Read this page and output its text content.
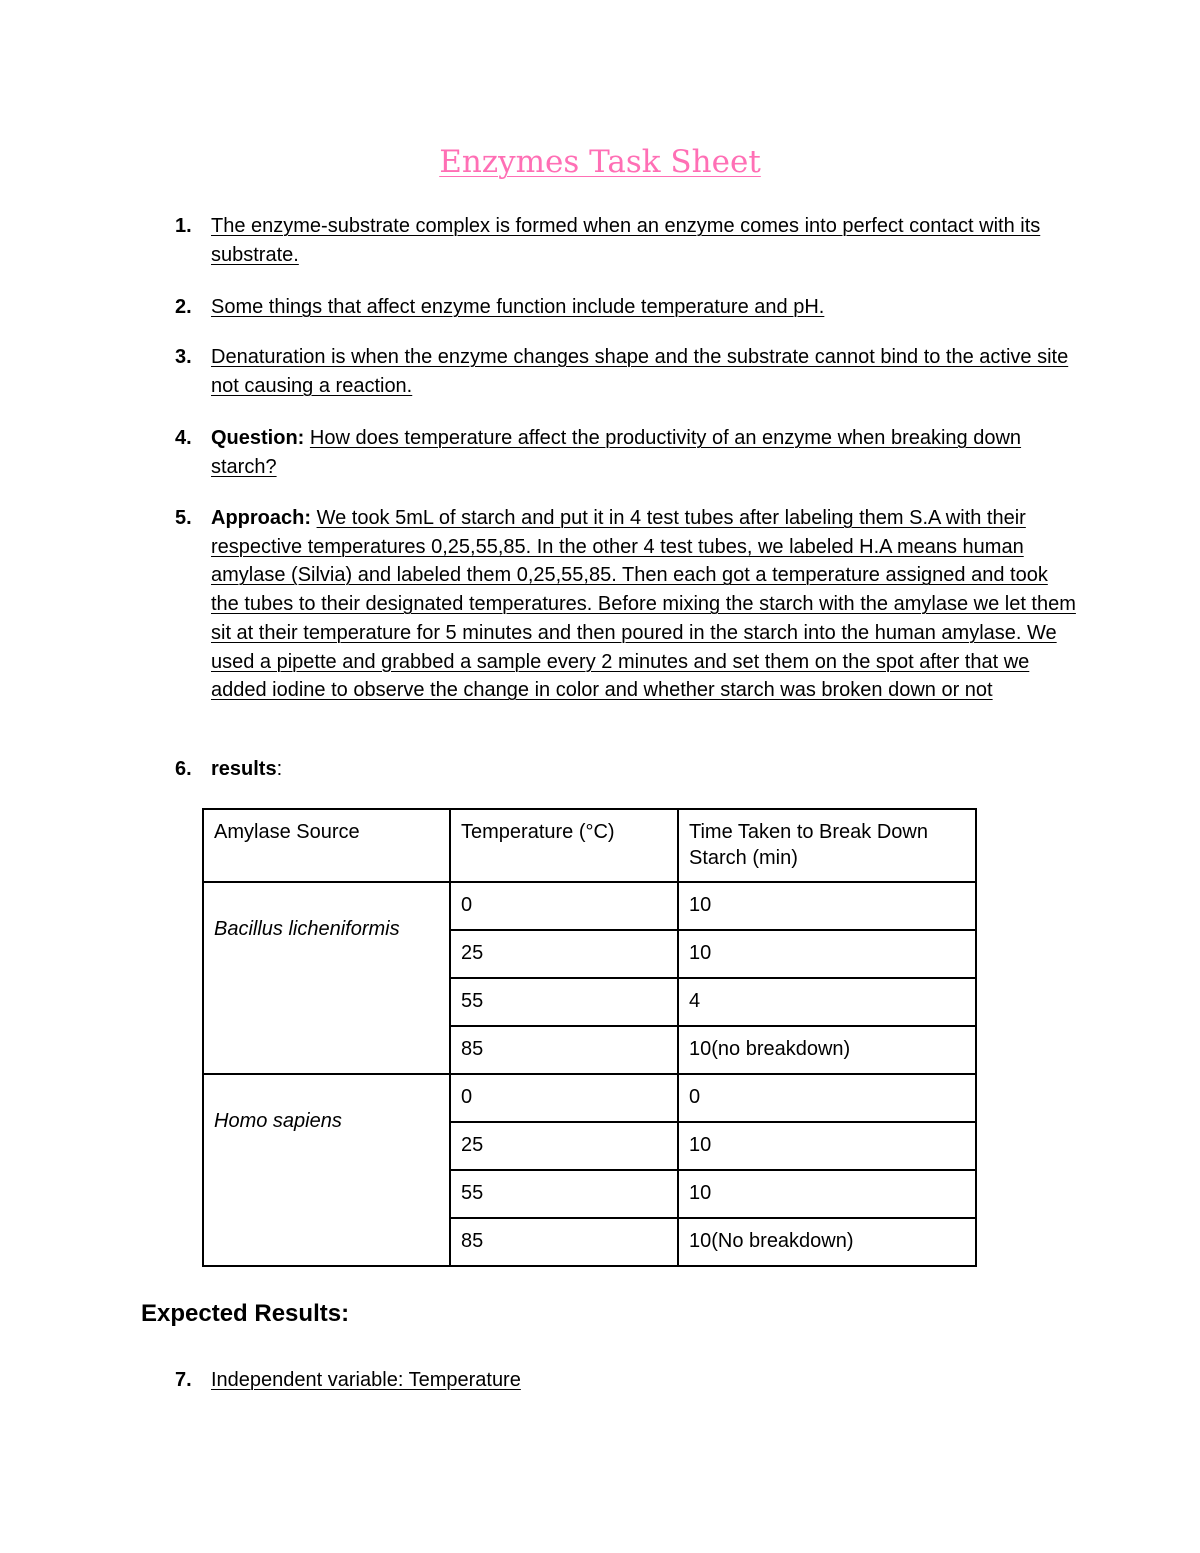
Enzymes Task Sheet
1. The enzyme-substrate complex is formed when an enzyme comes into perfect contact with its substrate.
2. Some things that affect enzyme function include temperature and pH.
3. Denaturation is when the enzyme changes shape and the substrate cannot bind to the active site not causing a reaction.
4. Question: How does temperature affect the productivity of an enzyme when breaking down starch?
5. Approach: We took 5mL of starch and put it in 4 test tubes after labeling them S.A with their respective temperatures 0,25,55,85. In the other 4 test tubes, we labeled H.A means human amylase (Silvia) and labeled them 0,25,55,85. Then each got a temperature assigned and took the tubes to their designated temperatures. Before mixing the starch with the amylase we let them sit at their temperature for 5 minutes and then poured in the starch into the human amylase. We used a pipette and grabbed a sample every 2 minutes and set them on the spot after that we added iodine to observe the change in color and whether starch was broken down or not
6. results:
Amylase Source	Temperature (°C)	Time Taken to Break Down Starch (min)
Bacillus licheniformis	0	10
	25	10
	55	4
	85	10(no breakdown)
Homo sapiens	0	0
	25	10
	55	10
	85	10(No breakdown)
Expected Results:
7. Independent variable: Temperature
